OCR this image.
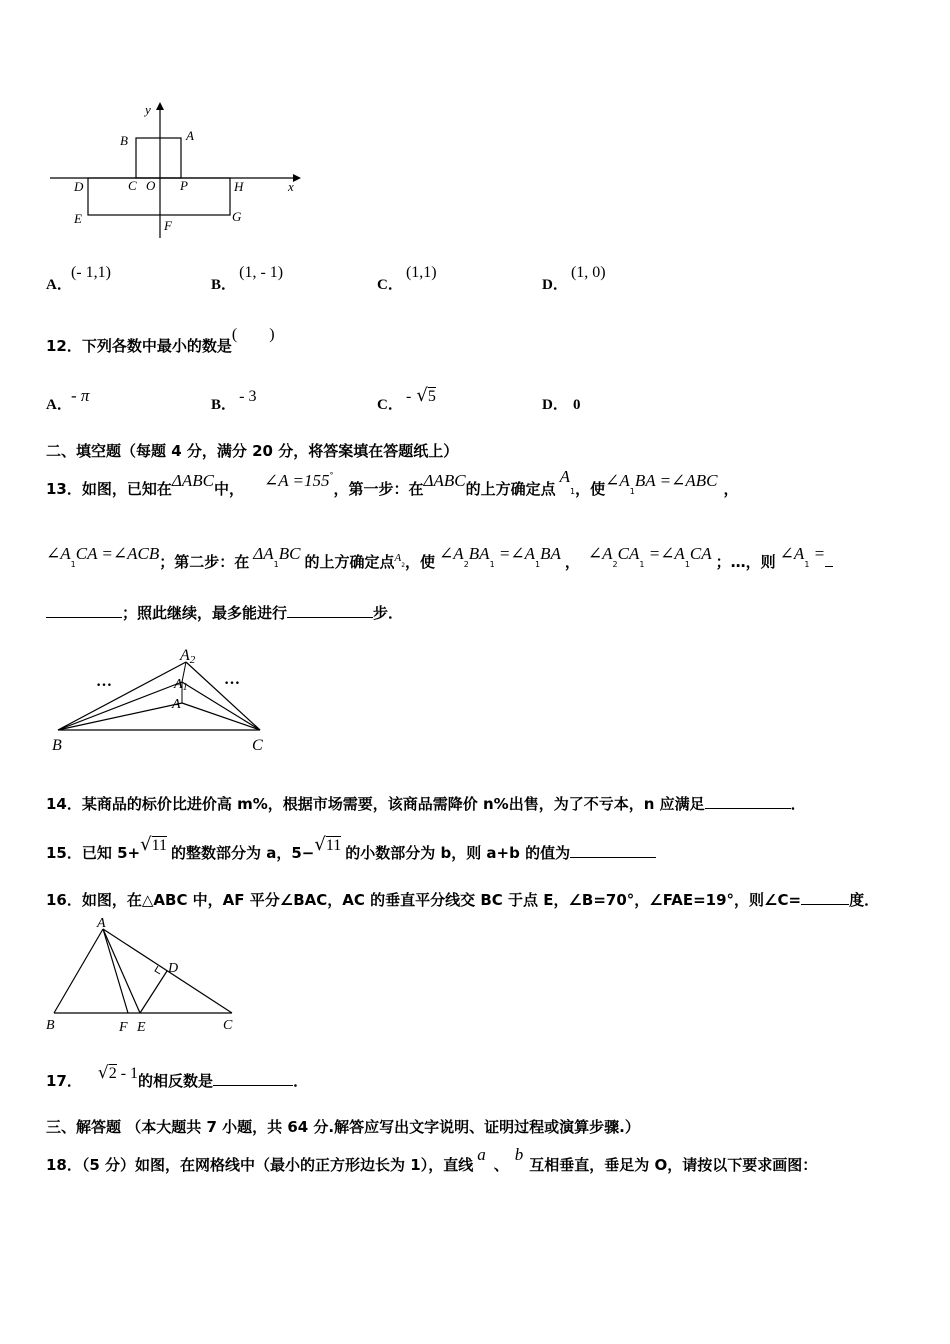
y
x
B	A
D	C O P	H
E	F
G
A． (- 1,1)
B． (1, - 1)
C． (1,1)
D． (1, 0)
12．下列各数中最小的数是(　　)
A． - π	B． - 3	C． - √5	D． 0
二、填空题（每题 4 分，满分 20 分，将答案填在答题纸上）
13．如图，已知在ΔABC中， ∠A =155°，第一步：在ΔABC的上方确定点$A_1$，使$\angle A_1BA$ =∠ABC ，
$\angle A_1CA$ =∠ACB；第二步：在 $\Delta A_1BC$ 的上方确定点$^A_2$，使 $\angle A_2BA_1$ $=\angle A_1BA$ ， $\angle A_2CA_1$ $=\angle A_1CA$ ；…，则 $\angle A_1$ =
；照此继续，最多能进行	步．
A2
A1
A
B	C
…	…
14．某商品的标价比进价高 m%，根据市场需要，该商品需降价 n%出售，为了不亏本，n 应满足	．
15．已知 5+√11 的整数部分为 a，5−√11 的小数部分为 b，则 a+b 的值为
16．如图，在△ABC 中，AF 平分∠BAC，AC 的垂直平分线交 BC 于点 E，∠B=70°，∠FAE=19°，则∠C=	度．
A
B	C
D
E
F
17． √2 - 1的相反数是	．
三、解答题 （本大题共 7 小题，共 64 分.解答应写出文字说明、证明过程或演算步骤.）
18．（5 分）如图，在网格线中（最小的正方形边长为 1），直线a、b互相垂直，垂足为 O，请按以下要求画图：
